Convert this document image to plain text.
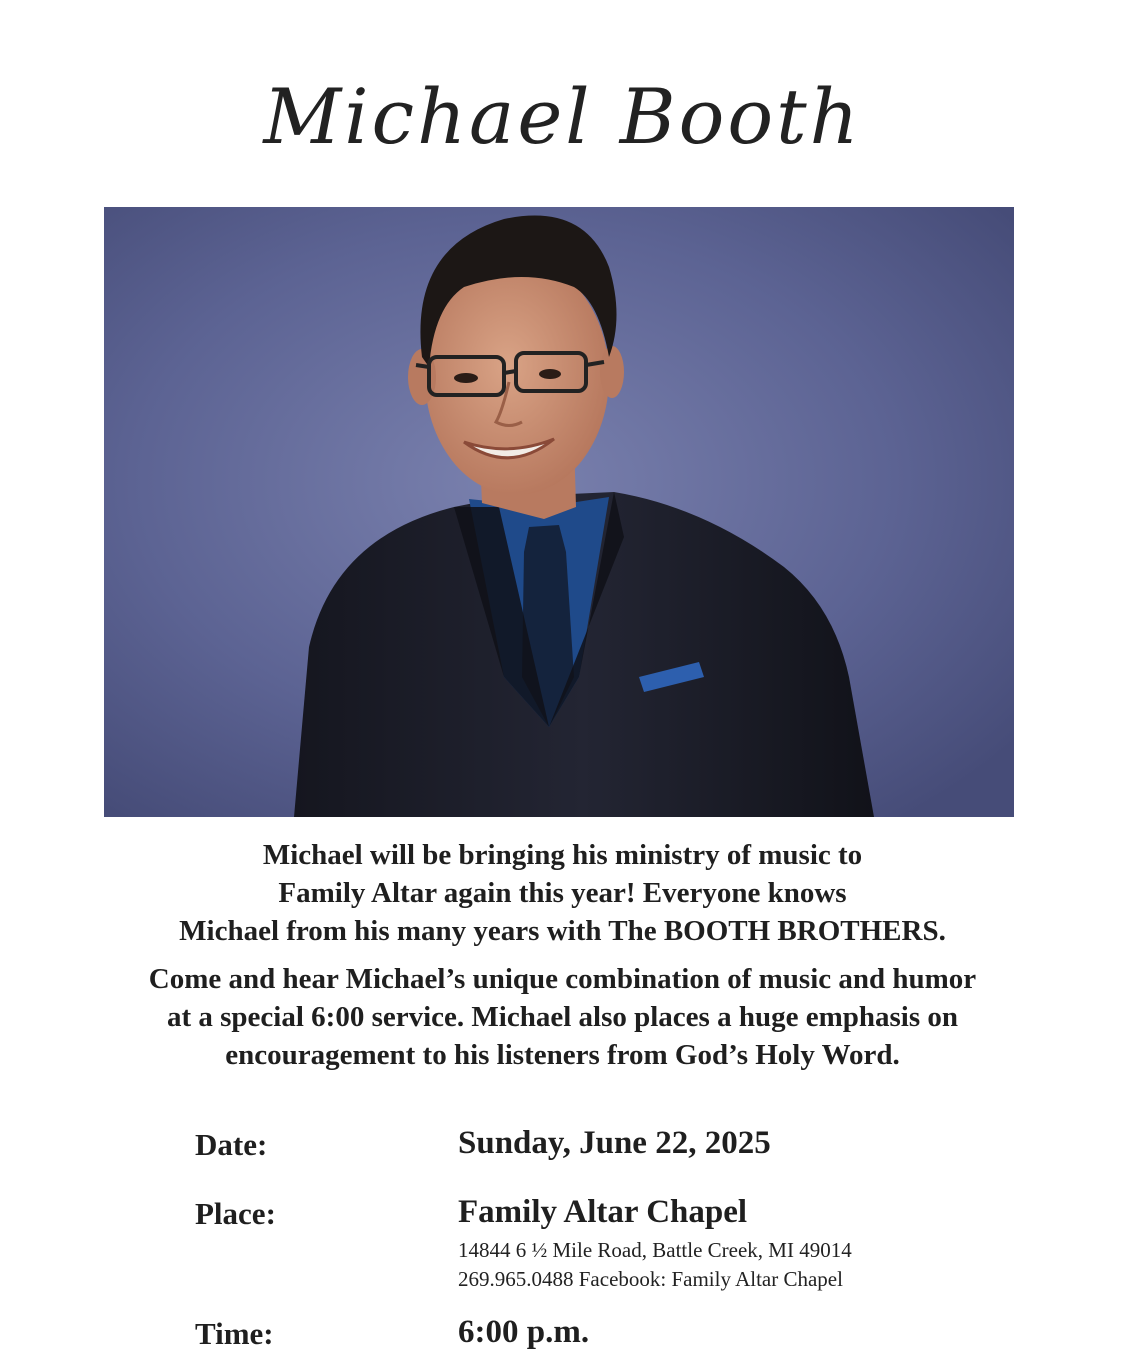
Michael Booth
Michael will be bringing his ministry of music to
Family Altar again this year! Everyone knows
Michael from his many years with The BOOTH BROTHERS.
Come and hear Michael’s unique combination of music and humor
at a special 6:00 service. Michael also places a huge emphasis on
encouragement to his listeners from God’s Holy Word.
Date:	Sunday, June 22, 2025
Place:	Family Altar Chapel
14844 6 ½ Mile Road, Battle Creek, MI 49014
269.965.0488 Facebook: Family Altar Chapel
Time:	6:00 p.m.
